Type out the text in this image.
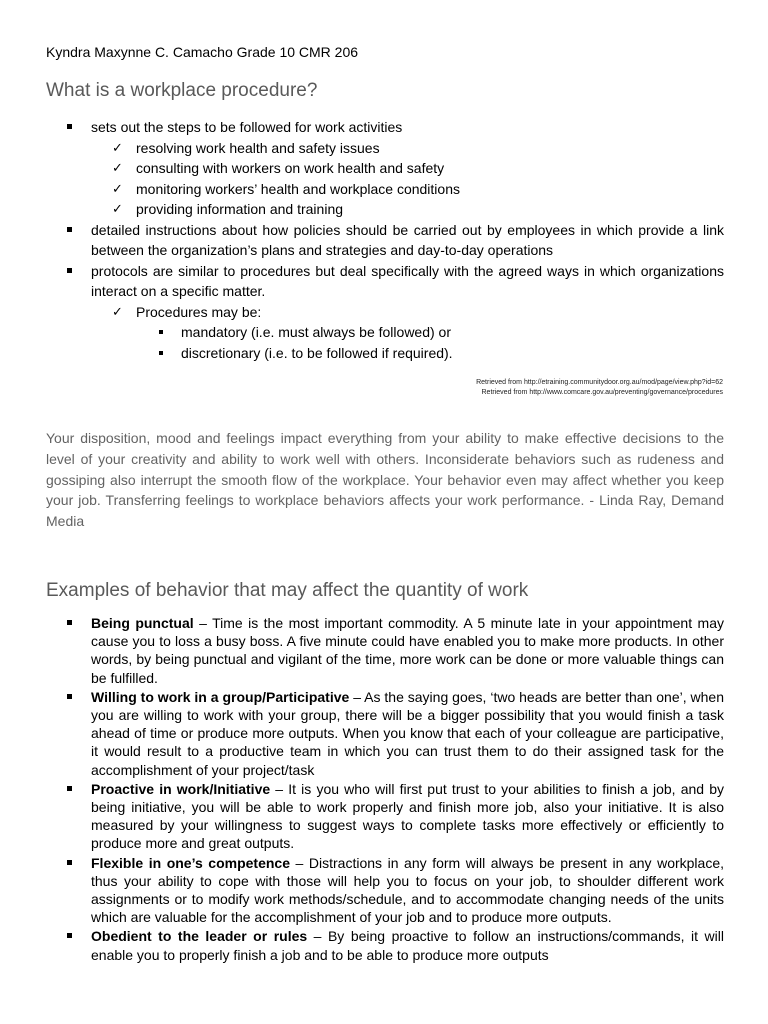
Kyndra Maxynne C. Camacho Grade 10 CMR 206
What is a workplace procedure?
sets out the steps to be followed for work activities
✓ resolving work health and safety issues
✓ consulting with workers on work health and safety
✓ monitoring workers’ health and workplace conditions
✓ providing information and training
detailed instructions about how policies should be carried out by employees in which provide a link between the organization’s plans and strategies and day-to-day operations
protocols are similar to procedures but deal specifically with the agreed ways in which organizations interact on a specific matter.
✓ Procedures may be:
mandatory (i.e. must always be followed) or
discretionary (i.e. to be followed if required).
Retrieved from http://etraining.communitydoor.org.au/mod/page/view.php?id=62
Retrieved from http://www.comcare.gov.au/preventing/governance/procedures
Your disposition, mood and feelings impact everything from your ability to make effective decisions to the level of your creativity and ability to work well with others. Inconsiderate behaviors such as rudeness and gossiping also interrupt the smooth flow of the workplace. Your behavior even may affect whether you keep your job. Transferring feelings to workplace behaviors affects your work performance. - Linda Ray, Demand Media
Examples of behavior that may affect the quantity of work
Being punctual – Time is the most important commodity. A 5 minute late in your appointment may cause you to loss a busy boss. A five minute could have enabled you to make more products. In other words, by being punctual and vigilant of the time, more work can be done or more valuable things can be fulfilled.
Willing to work in a group/Participative – As the saying goes, ‘two heads are better than one’, when you are willing to work with your group, there will be a bigger possibility that you would finish a task ahead of time or produce more outputs. When you know that each of your colleague are participative, it would result to a productive team in which you can trust them to do their assigned task for the accomplishment of your project/task
Proactive in work/Initiative – It is you who will first put trust to your abilities to finish a job, and by being initiative, you will be able to work properly and finish more job, also your initiative. It is also measured by your willingness to suggest ways to complete tasks more effectively or efficiently to produce more and great outputs.
Flexible in one’s competence – Distractions in any form will always be present in any workplace, thus your ability to cope with those will help you to focus on your job, to shoulder different work assignments or to modify work methods/schedule, and to accommodate changing needs of the units which are valuable for the accomplishment of your job and to produce more outputs.
Obedient to the leader or rules – By being proactive to follow an instructions/commands, it will enable you to properly finish a job and to be able to produce more outputs
